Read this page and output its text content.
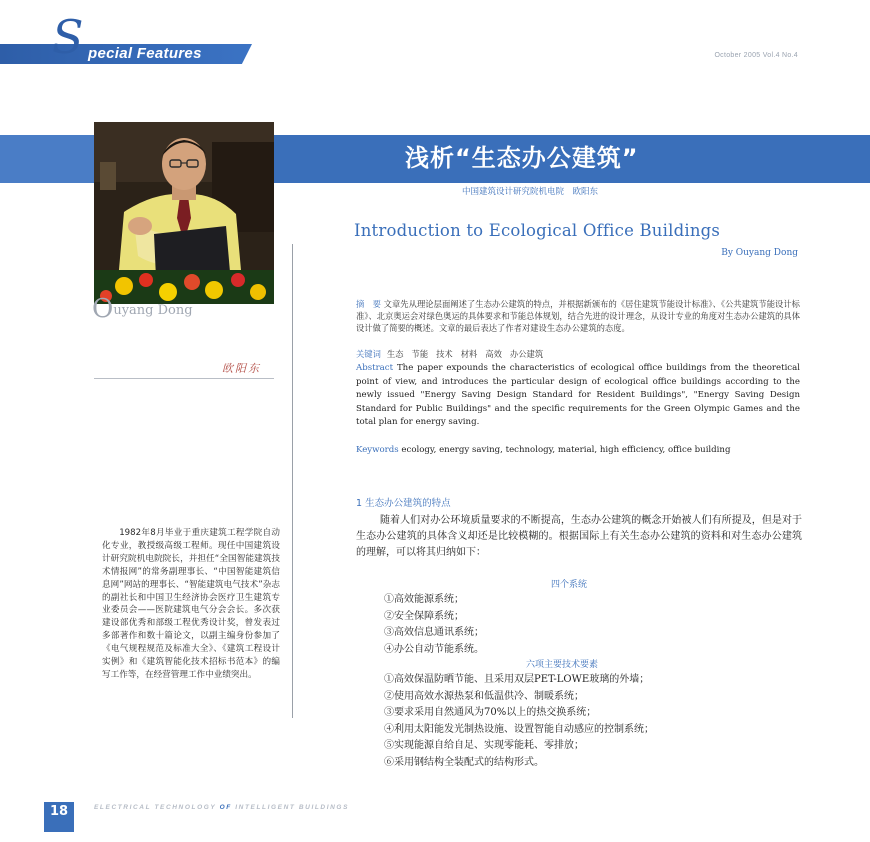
S pecial Features	October 2005 Vol.4 No.4
浅析“生态办公建筑”
Ouyang Dong
欧阳东
1982年8月毕业于重庆建筑工程学院自动化专业，教授级高级工程师。现任中国建筑设计研究院机电院院长，并担任“全国智能建筑技术情报网”的常务副理事长、“中国智能建筑信息网”网站的理事长、“智能建筑电气技术”杂志的副社长和中国卫生经济协会医疗卫生建筑专业委员会——医院建筑电气分会会长。多次获建设部优秀和部级工程优秀设计奖，曾发表过多部著作和数十篇论文，以副主编身份参加了《电气规程规范及标准大全》、《建筑工程设计实例》和《建筑智能化技术招标书范本》的编写工作等，在经营管理工作中业绩突出。
中国建筑设计研究院机电院　欧阳东
Introduction to Ecological Office Buildings
By Ouyang Dong
摘　要 文章先从理论层面阐述了生态办公建筑的特点，并根据新颁布的《居住建筑节能设计标准》、《公共建筑节能设计标准》、北京奥运会对绿色奥运的具体要求和节能总体规划，结合先进的设计理念，从设计专业的角度对生态办公建筑的具体设计做了简要的概述。文章的最后表达了作者对建设生态办公建筑的态度。
关键词 生态 节能 技术 材料 高效 办公建筑
Abstract The paper expounds the characteristics of ecological office buildings from the theoretical point of view, and introduces the particular design of ecological office buildings according to the newly issued "Energy Saving Design Standard for Resident Buildings", "Energy Saving Design Standard for Public Buildings" and the specific requirements for the Green Olympic Games and the total plan for energy saving.
Keywords ecology, energy saving, technology, material, high efficiency, office building
1 生态办公建筑的特点
随着人们对办公环境质量要求的不断提高，生态办公建筑的概念开始被人们有所提及，但是对于生态办公建筑的具体含义却还是比较模糊的。根据国际上有关生态办公建筑的资料和对生态办公建筑的理解，可以将其归纳如下：
四个系统
①高效能源系统；
②安全保障系统；
③高效信息通讯系统；
④办公自动节能系统。
六项主要技术要素
①高效保温防晒节能、且采用双层PET-LOWE玻璃的外墙；
②使用高效水源热泵和低温供冷、制暖系统；
③要求采用自然通风为70%以上的热交换系统；
④利用太阳能发光制热设施、设置智能自动感应的控制系统；
⑤实现能源自给自足、实现零能耗、零排放；
⑥采用钢结构全装配式的结构形式。
18	ELECTRICAL TECHNOLOGY OF INTELLIGENT BUILDINGS
